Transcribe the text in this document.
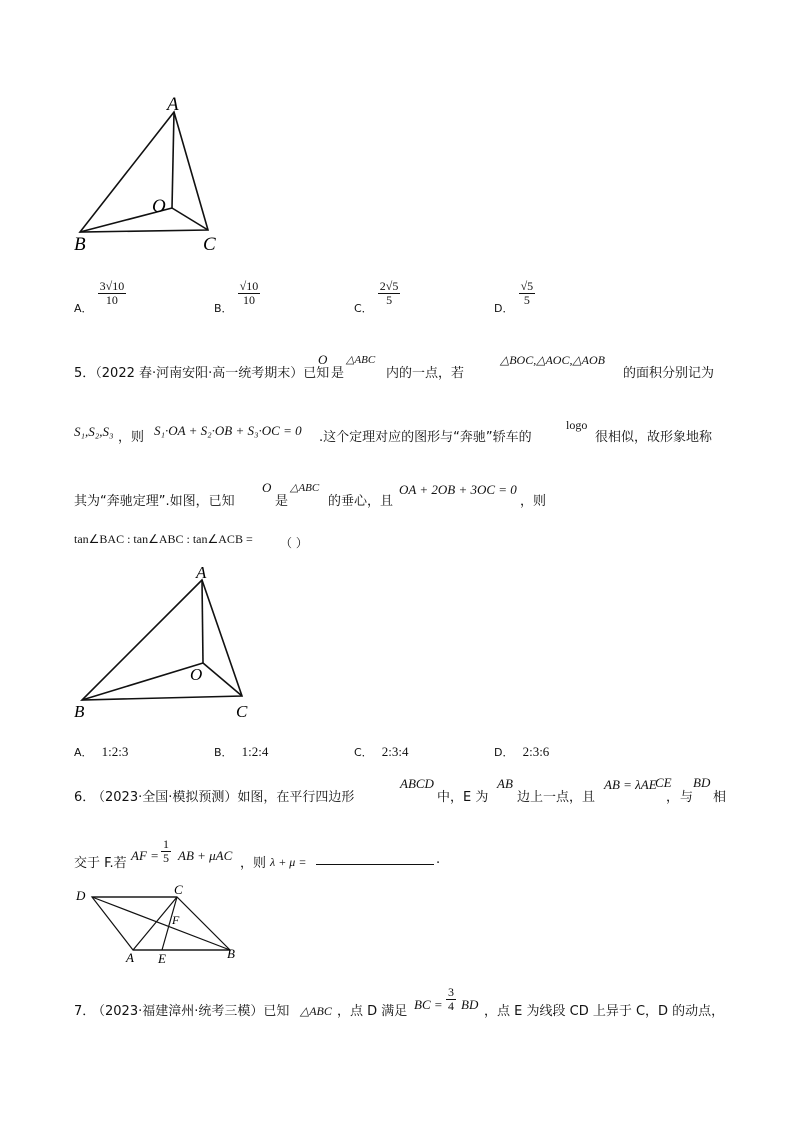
A
O
B	C
$_{A.}$
$\frac{3√10}{10}$
$_{B.}$
$\frac{√10}{10}$
$_{C.}$
$\frac{2√5}{5}$
$_{D.}$
$\frac{√5}{5}$
5．（2022 春·河南安阳·高一统考期末）已知
O
是
△ABC
内的一点，若
△BOC,△AOC,△AOB
的面积分别记为
S₁,S₂,S₃ ，则 S₁·OA + S₂·OB + S₃·OC = 0 .这个定理对应的图形与“奔驰”轿车的
logo
很相似，故形象地称
其为“奔驰定理”.如图，已知
O
是
△ABC
的垂心，且
OA + 2OB + 3OC = 0
，则
tan∠BAC : tan∠ABC : tan∠ACB = （ ）
A
O
B	C
A． 1:2:3	B． 1:2:4	C． 2:3:4	D． 2:3:6
6．
（2023·全国·模拟预测）如图，在平行四边形
ABCD
中，E 为
AB
边上一点，且
AB = λAE
，
CE
与
BD
相
交于 F.若
AF = $\frac{1}{5}$ AB + μAC
，则 λ + μ =	.
D	C
F
A E	B
7．
（2023·福建漳州·统考三模）已知 △ABC ，点 D 满足 BC = $\frac{3}{4}$ BD ，点 E 为线段 CD 上异于 C，D 的动点，
